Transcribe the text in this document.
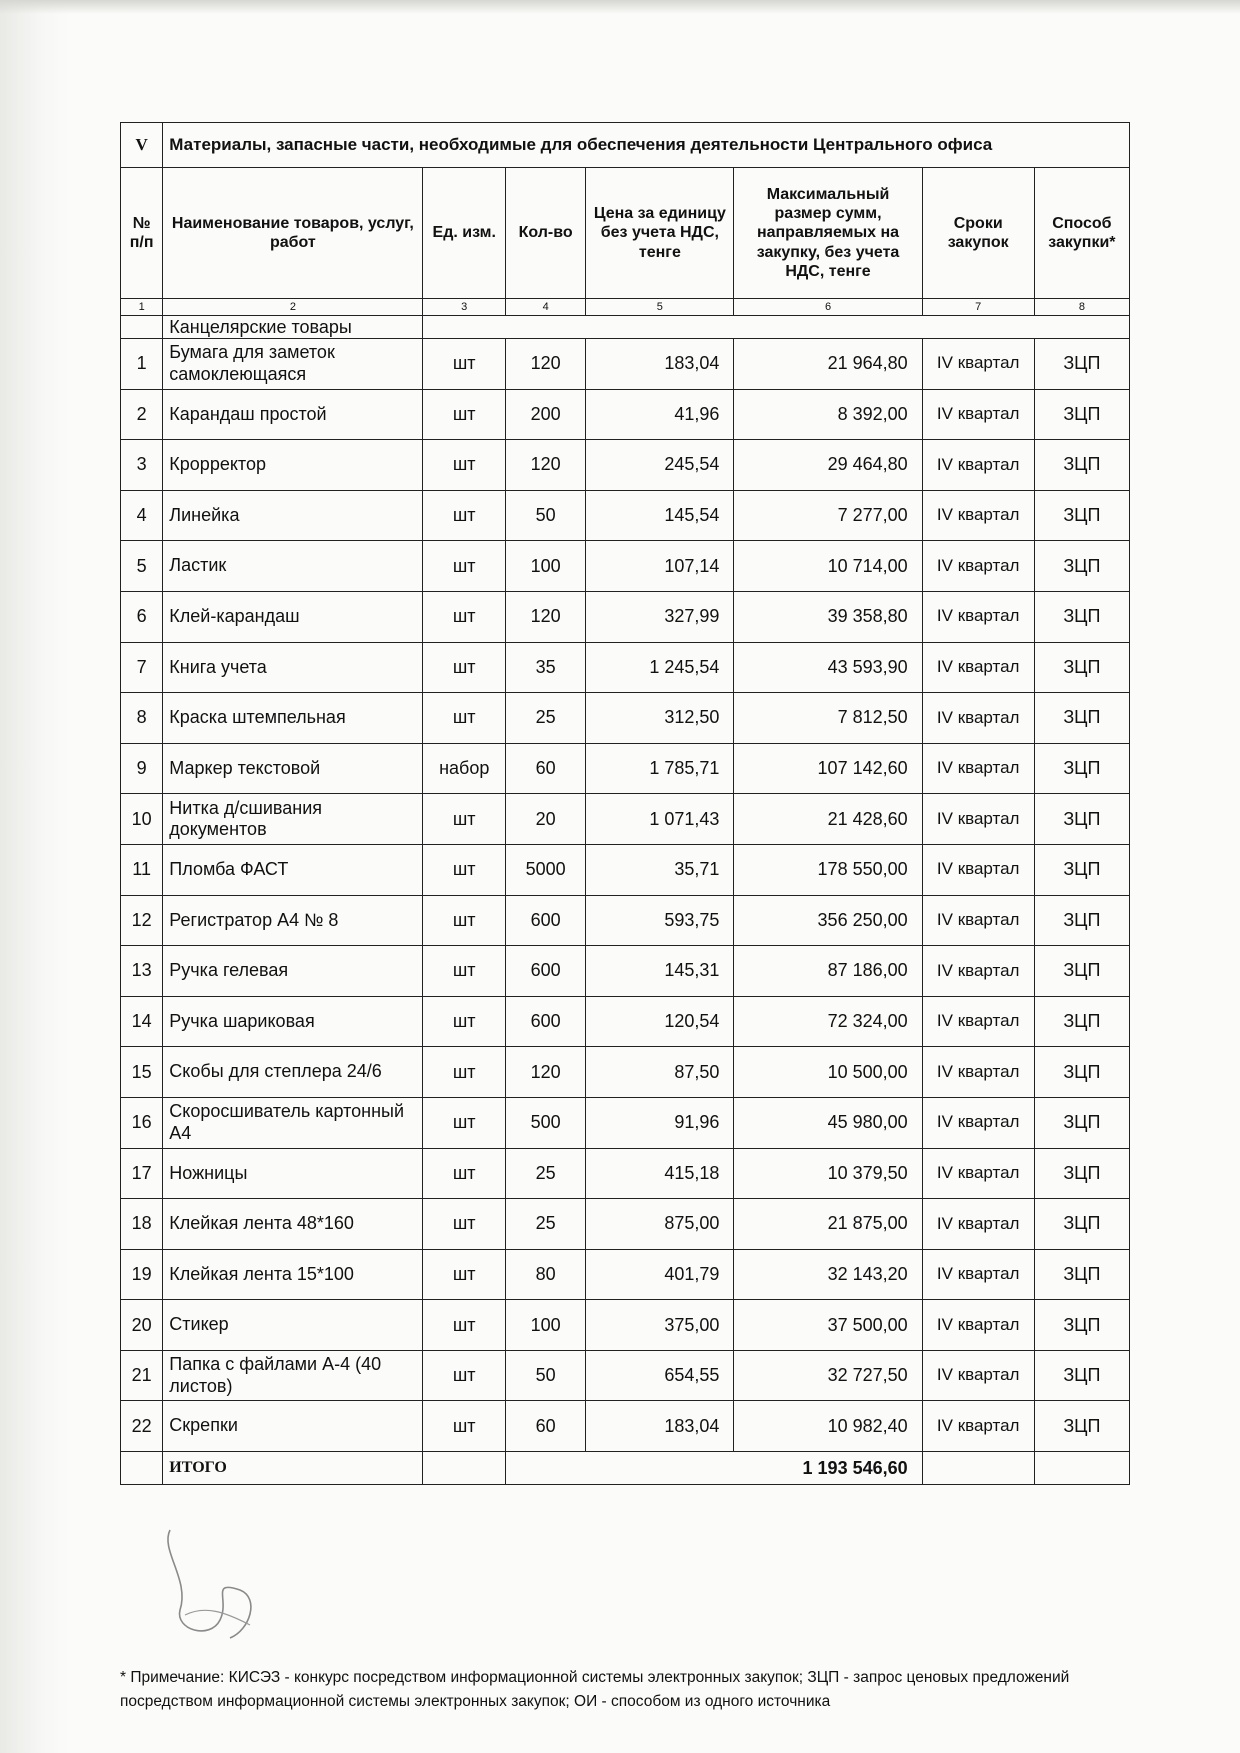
V	Материалы, запасные части, необходимые для обеспечения деятельности Центрального офиса						
№ п/п	Наименование товаров, услуг, работ	Ед. изм.	Кол-во	Цена за единицу без учета НДС, тенге	Максимальный размер сумм, направляемых на закупку, без учета НДС, тенге	Сроки закупок	Способ закупки*
1	2	3	4	5	6	7	8
	Канцелярские товары						
1	Бумага для заметок самоклеющаяся	шт	120	183,04	21 964,80	IV квартал	ЗЦП
2	Карандаш простой	шт	200	41,96	8 392,00	IV квартал	ЗЦП
3	Крорректор	шт	120	245,54	29 464,80	IV квартал	ЗЦП
4	Линейка	шт	50	145,54	7 277,00	IV квартал	ЗЦП
5	Ластик	шт	100	107,14	10 714,00	IV квартал	ЗЦП
6	Клей-карандаш	шт	120	327,99	39 358,80	IV квартал	ЗЦП
7	Книга учета	шт	35	1 245,54	43 593,90	IV квартал	ЗЦП
8	Краска штемпельная	шт	25	312,50	7 812,50	IV квартал	ЗЦП
9	Маркер текстовой	набор	60	1 785,71	107 142,60	IV квартал	ЗЦП
10	Нитка д/сшивания документов	шт	20	1 071,43	21 428,60	IV квартал	ЗЦП
11	Пломба ФАСТ	шт	5000	35,71	178 550,00	IV квартал	ЗЦП
12	Регистратор А4 № 8	шт	600	593,75	356 250,00	IV квартал	ЗЦП
13	Ручка гелевая	шт	600	145,31	87 186,00	IV квартал	ЗЦП
14	Ручка шариковая	шт	600	120,54	72 324,00	IV квартал	ЗЦП
15	Скобы для степлера 24/6	шт	120	87,50	10 500,00	IV квартал	ЗЦП
16	Скоросшиватель картонный А4	шт	500	91,96	45 980,00	IV квартал	ЗЦП
17	Ножницы	шт	25	415,18	10 379,50	IV квартал	ЗЦП
18	Клейкая лента 48*160	шт	25	875,00	21 875,00	IV квартал	ЗЦП
19	Клейкая лента 15*100	шт	80	401,79	32 143,20	IV квартал	ЗЦП
20	Стикер	шт	100	375,00	37 500,00	IV квартал	ЗЦП
21	Папка с файлами А-4 (40 листов)	шт	50	654,55	32 727,50	IV квартал	ЗЦП
22	Скрепки	шт	60	183,04	10 982,40	IV квартал	ЗЦП
	ИТОГО		1 193 546,60				
* Примечание: КИСЭЗ - конкурс посредством информационной системы электронных закупок; ЗЦП - запрос ценовых предложений посредством информационной системы электронных закупок; ОИ - способом из одного источника
